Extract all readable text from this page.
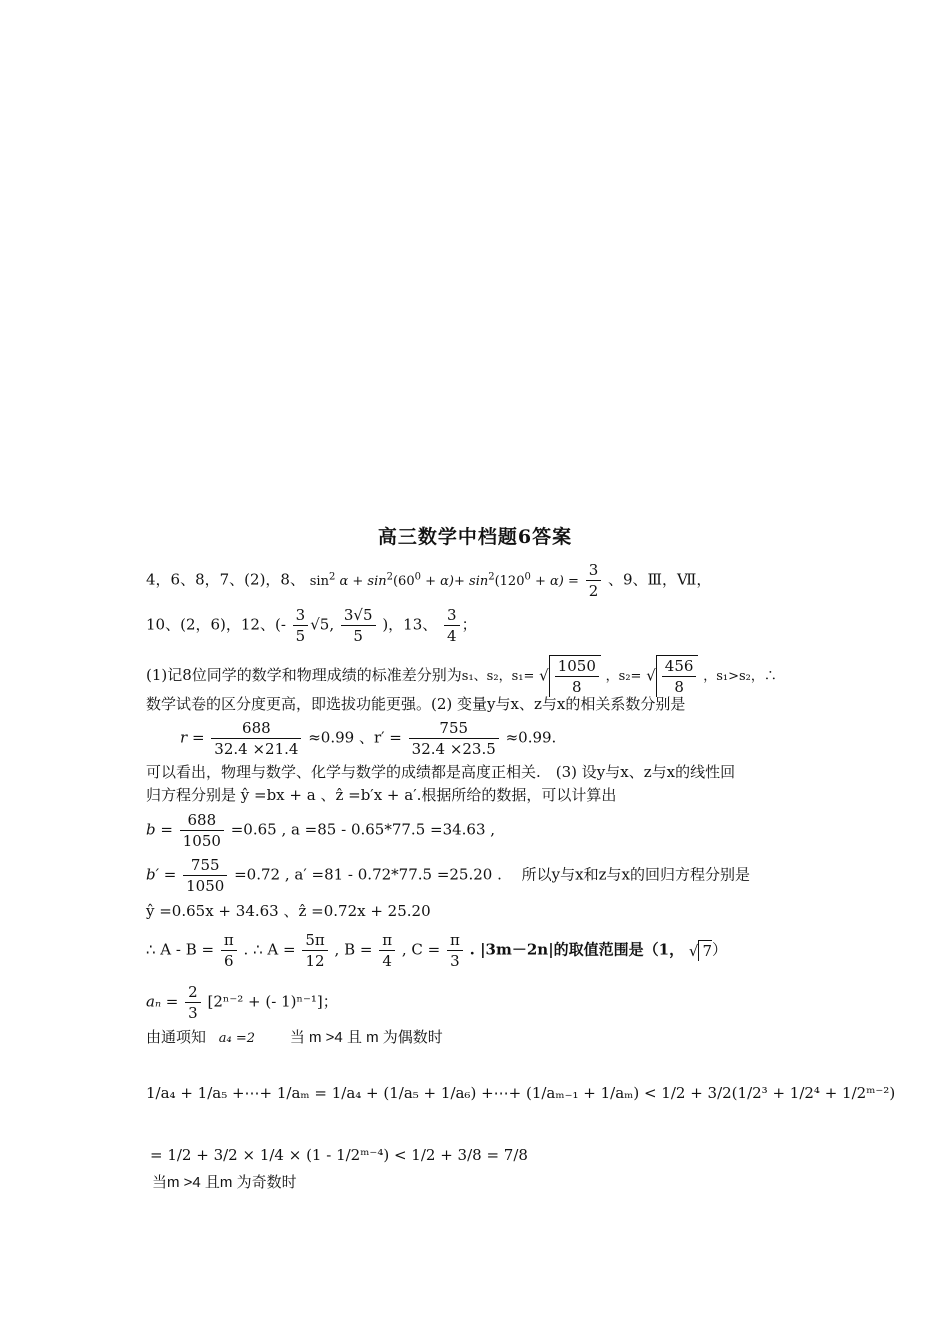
高三数学中档题6答案
4，6、8，7、(2)，8、 $\sin^2 \alpha + \sin^2(60^0 + \alpha)+ \sin^2(120^0 + \alpha) = \frac{3}{2}$ 、9、Ⅲ，Ⅶ，
10、(2，6)，12、(- $\frac{3}{5} √5$, $\frac{3√5}{5}$ )，13、 $\frac{3}{4}$ ；
(1)记8位同学的数学和物理成绩的标准差分别为s₁、s₂，s₁= √ $\frac{1050}{8}$ ，s₂= √ $\frac{456}{8}$ ，s₁>s₂，∴
数学试卷的区分度更高，即选拔功能更强。(2) 变量y与x、z与x的相关系数分别是
$r = \frac{688}{32.4 \times 21.4} \approx 0.99$ 、$r' = \frac{755}{32.4 \times 23.5} \approx 0.99$.
可以看出，物理与数学、化学与数学的成绩都是高度正相关.　(3) 设y与x、z与x的线性回
归方程分别是 ŷ =bx + a 、ẑ =b′x + a′.根据所给的数据，可以计算出
$b = \frac{688}{1050} =0.65$ , a =85 - 0.65*77.5 =34.63 ,
$b' = \frac{755}{1050} =0.72$ , a′ =81 - 0.72*77.5 =25.20 . 　所以y与x和z与x的回归方程分别是
ŷ =0.65x + 34.63 、ẑ =0.72x + 25.20
∴ $A - B = \frac{\pi}{6}$ . ∴ $A = \frac{5\pi}{12}$ , $B = \frac{\pi}{4}$ , $C = \frac{\pi}{3}$ . |3m－2n|的取值范围是（1， √ 7）
$a_n = \frac{2}{3} [2^{n-2}$ + (- 1)ⁿ⁻¹]；
由通项知 a₄ =2 当 m >4 且 m 为偶数时
1/a₄ + 1/a₅ +⋯+ 1/aₘ = 1/a₄ + (1/a₅ + 1/a₆) +⋯+ (1/aₘ₋₁ + 1/aₘ) < 1/2 + 3/2(1/2³ + 1/2⁴ + 1/2ᵐ⁻²)
= 1/2 + 3/2 × 1/4 × (1 - 1/2ᵐ⁻⁴) < 1/2 + 3/8 = 7/8
当m >4 且m 为奇数时
